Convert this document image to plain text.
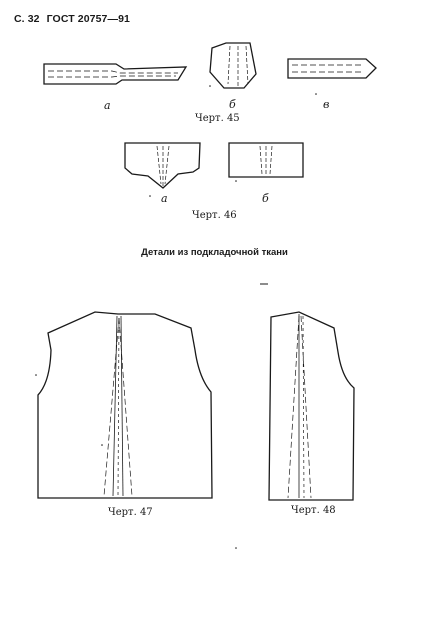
С. 32 ГОСТ 20757—91
а	б	в
Черт. 45
а	б
Черт. 46
Детали из подкладочной ткани
Черт. 47	Черт. 48
